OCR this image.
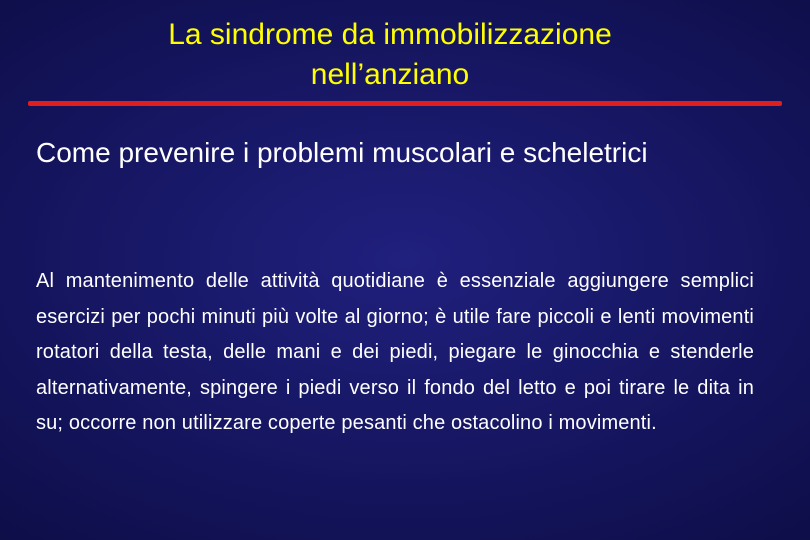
La sindrome da immobilizzazione
nell’anziano

Come prevenire i problemi muscolari e scheletrici

Al mantenimento delle attività quotidiane è essenziale aggiungere semplici esercizi per pochi minuti più volte al giorno; è utile fare piccoli e lenti movimenti rotatori della testa, delle mani e dei piedi, piegare le ginocchia e stenderle alternativamente, spingere i piedi verso il fondo del letto e poi tirare le dita in su; occorre non utilizzare coperte pesanti che ostacolino i movimenti.
